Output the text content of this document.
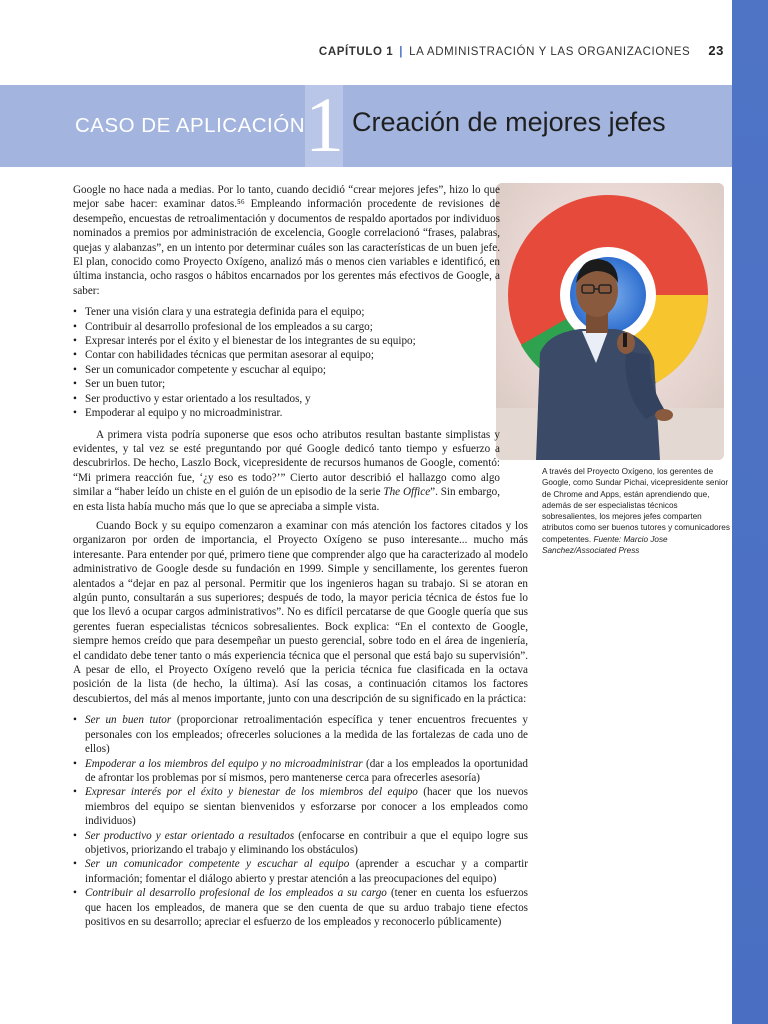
CAPÍTULO 1 | LA ADMINISTRACIÓN Y LAS ORGANIZACIONES 23
CASO DE APLICACIÓN 1 Creación de mejores jefes
A través del Proyecto Oxígeno, los gerentes de Google, como Sundar Pichai, vicepresidente senior de Chrome and Apps, están aprendiendo que, además de ser especialistas técnicos sobresalientes, los mejores jefes comparten atributos como ser buenos tutores y comunicadores competentes. Fuente: Marcio Jose Sanchez/Associated Press

Google no hace nada a medias. Por lo tanto, cuando decidió “crear mejores jefes”, hizo lo que mejor sabe hacer: examinar datos.⁵⁶ Empleando información procedente de revisiones de desempeño, encuestas de retroalimentación y documentos de respaldo aportados por individuos nominados a premios por administración de excelencia, Google correlacionó “frases, palabras, quejas y alabanzas”, en un intento por determinar cuáles son las características de un buen jefe. El plan, conocido como Proyecto Oxígeno, analizó más o menos cien variables e identificó, en última instancia, ocho rasgos o hábitos encarnados por los gerentes más efectivos de Google, a saber:

• Tener una visión clara y una estrategia definida para el equipo;
• Contribuir al desarrollo profesional de los empleados a su cargo;
• Expresar interés por el éxito y el bienestar de los integrantes de su equipo;
• Contar con habilidades técnicas que permitan asesorar al equipo;
• Ser un comunicador competente y escuchar al equipo;
• Ser un buen tutor;
• Ser productivo y estar orientado a los resultados, y
• Empoderar al equipo y no microadministrar.

A primera vista podría suponerse que esos ocho atributos resultan bastante simplistas y evidentes, y tal vez se esté preguntando por qué Google dedicó tanto tiempo y esfuerzo a descubrirlos. De hecho, Laszlo Bock, vicepresidente de recursos humanos de Google, comentó: “Mi primera reacción fue, ‘¿y eso es todo?’” Cierto autor describió el hallazgo como algo similar a “haber leído un chiste en el guión de un episodio de la serie The Office”. Sin embargo, en esta lista había mucho más que lo que se apreciaba a simple vista.

Cuando Bock y su equipo comenzaron a examinar con más atención los factores citados y los organizaron por orden de importancia, el Proyecto Oxígeno se puso interesante... mucho más interesante. Para entender por qué, primero tiene que comprender algo que ha caracterizado al modelo administrativo de Google desde su fundación en 1999. Simple y sencillamente, los gerentes fueron alentados a “dejar en paz al personal. Permitir que los ingenieros hagan su trabajo. Si se atoran en algún punto, consultarán a sus superiores; después de todo, la mayor pericia técnica de éstos fue lo que los llevó a ocupar cargos administrativos”. No es difícil percatarse de que Google quería que sus gerentes fueran especialistas técnicos sobresalientes. Bock explica: “En el contexto de Google, siempre hemos creído que para desempeñar un puesto gerencial, sobre todo en el área de ingeniería, el candidato debe tener tanto o más experiencia técnica que el personal que está bajo su supervisión”. A pesar de ello, el Proyecto Oxígeno reveló que la pericia técnica fue clasificada en la octava posición de la lista (de hecho, la última). Así las cosas, a continuación citamos los factores descubiertos, del más al menos importante, junto con una descripción de su significado en la práctica:

• Ser un buen tutor (proporcionar retroalimentación específica y tener encuentros frecuentes y personales con los empleados; ofrecerles soluciones a la medida de las fortalezas de cada uno de ellos)
• Empoderar a los miembros del equipo y no microadministrar (dar a los empleados la oportunidad de afrontar los problemas por sí mismos, pero mantenerse cerca para ofrecerles asesoría)
• Expresar interés por el éxito y bienestar de los miembros del equipo (hacer que los nuevos miembros del equipo se sientan bienvenidos y esforzarse por conocer a los empleados como individuos)
• Ser productivo y estar orientado a resultados (enfocarse en contribuir a que el equipo logre sus objetivos, priorizando el trabajo y eliminando los obstáculos)
• Ser un comunicador competente y escuchar al equipo (aprender a escuchar y a compartir información; fomentar el diálogo abierto y prestar atención a las preocupaciones del equipo)
• Contribuir al desarrollo profesional de los empleados a su cargo (tener en cuenta los esfuerzos que hacen los empleados, de manera que se den cuenta de que su arduo trabajo tiene efectos positivos en su desarrollo; apreciar el esfuerzo de los empleados y reconocerlo públicamente)
